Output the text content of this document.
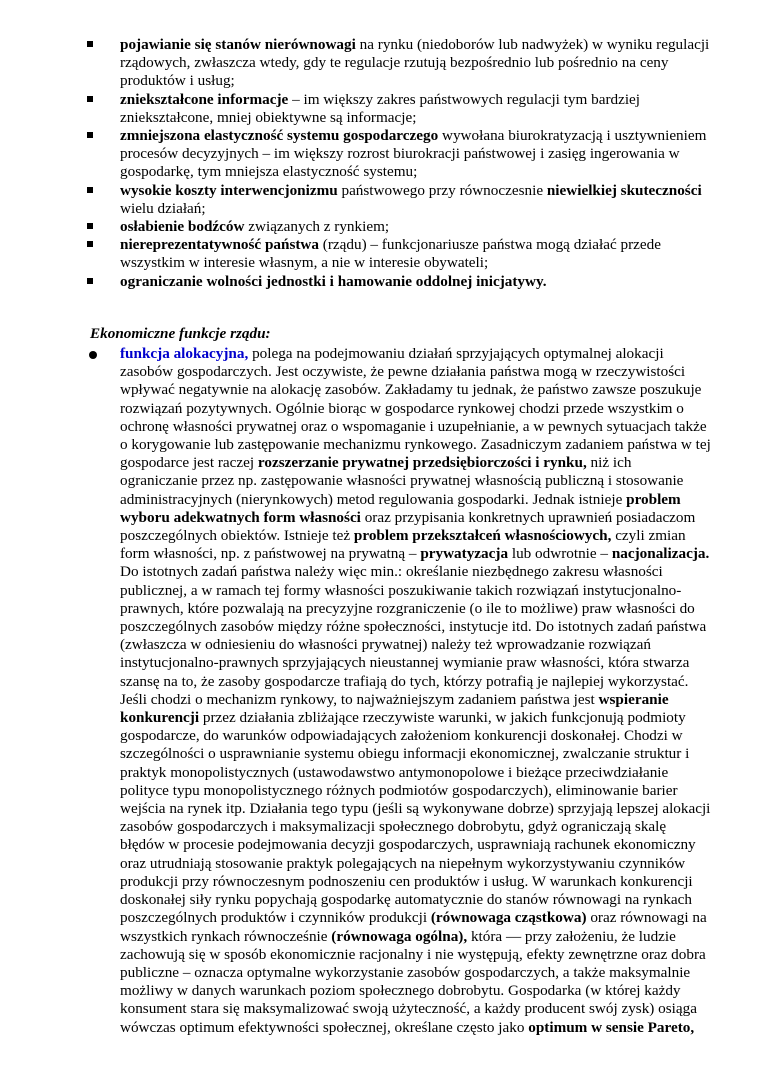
pojawianie się stanów nierównowagi na rynku (niedoborów lub nadwyżek) w wyniku regulacji rządowych, zwłaszcza wtedy, gdy te regulacje rzutują bezpośrednio lub pośrednio na ceny produktów i usług;
zniekształcone informacje – im większy zakres państwowych regulacji tym bardziej zniekształcone, mniej obiektywne są informacje;
zmniejszona elastyczność systemu gospodarczego wywołana biurokratyzacją i usztywnieniem procesów decyzyjnych – im większy rozrost biurokracji państwowej i zasięg ingerowania w gospodarkę, tym mniejsza elastyczność systemu;
wysokie koszty interwencjonizmu państwowego przy równoczesnie niewielkiej skuteczności wielu działań;
osłabienie bodźców związanych z rynkiem;
niereprezentatywność państwa (rządu) – funkcjonariusze państwa mogą działać przede wszystkim w interesie własnym, a nie w interesie obywateli;
ograniczanie wolności jednostki i hamowanie oddolnej inicjatywy.
Ekonomiczne funkcje rządu:

funkcja alokacyjna, polega na podejmowaniu działań sprzyjających optymalnej alokacji zasobów gospodarczych. Jest oczywiste, że pewne działania państwa mogą w rzeczywistości wpływać negatywnie na alokację zasobów. Zakładamy tu jednak, że państwo zawsze poszukuje rozwiązań pozytywnych. Ogólnie biorąc w gospodarce rynkowej chodzi przede wszystkim o ochronę własności prywatnej oraz o wspomaganie i uzupełnianie, a w pewnych sytuacjach także o korygowanie lub zastępowanie mechanizmu rynkowego. Zasadniczym zadaniem państwa w tej gospodarce jest raczej rozszerzanie prywatnej przedsiębiorczości i rynku, niż ich ograniczanie przez np. zastępowanie własności prywatnej własnością publiczną i stosowanie administracyjnych (nierynkowych) metod regulowania gospodarki. Jednak istnieje problem wyboru adekwatnych form własności oraz przypisania konkretnych uprawnień posiadaczom poszczególnych obiektów. Istnieje też problem przekształceń własnościowych, czyli zmian form własności, np. z państwowej na prywatną – prywatyzacja lub odwrotnie – nacjonalizacja. Do istotnych zadań państwa należy więc min.: określanie niezbędnego zakresu własności publicznej, a w ramach tej formy własności poszukiwanie takich rozwiązań instytucjonalno-prawnych, które pozwalają na precyzyjne rozgraniczenie (o ile to możliwe) praw własności do poszczególnych zasobów między różne społeczności, instytucje itd. Do istotnych zadań państwa (zwłaszcza w odniesieniu do własności prywatnej) należy też wprowadzanie rozwiązań instytucjonalno-prawnych sprzyjających nieustannej wymianie praw własności, która stwarza szansę na to, że zasoby gospodarcze trafiają do tych, którzy potrafią je najlepiej wykorzystać. Jeśli chodzi o mechanizm rynkowy, to najważniejszym zadaniem państwa jest wspieranie konkurencji przez działania zbliżające rzeczywiste warunki, w jakich funkcjonują podmioty gospodarcze, do warunków odpowiadających założeniom konkurencji doskonałej. Chodzi w szczególności o usprawnianie systemu obiegu informacji ekonomicznej, zwalczanie struktur i praktyk monopolistycznych (ustawodawstwo antymonopolowe i bieżące przeciwdziałanie polityce typu monopolistycznego różnych podmiotów gospodarczych), eliminowanie barier wejścia na rynek itp. Działania tego typu (jeśli są wykonywane dobrze) sprzyjają lepszej alokacji zasobów gospodarczych i maksymalizacji społecznego dobrobytu, gdyż ograniczają skalę błędów w procesie podejmowania decyzji gospodarczych, usprawniają rachunek ekonomiczny oraz utrudniają stosowanie praktyk polegających na niepełnym wykorzystywaniu czynników produkcji przy równoczesnym podnoszeniu cen produktów i usług. W warunkach konkurencji doskonałej siły rynku popychają gospodarkę automatycznie do stanów równowagi na rynkach poszczególnych produktów i czynników produkcji (równowaga cząstkowa) oraz równowagi na wszystkich rynkach równocześnie (równowaga ogólna), która — przy założeniu, że ludzie zachowują się w sposób ekonomicznie racjonalny i nie występują, efekty zewnętrzne oraz dobra publiczne – oznacza optymalne wykorzystanie zasobów gospodarczych, a także maksymalnie możliwy w danych warunkach poziom społecznego dobrobytu. Gospodarka (w której każdy konsument stara się maksymalizować swoją użyteczność, a każdy producent swój zysk) osiąga wówczas optimum efektywności społecznej, określane często jako optimum w sensie Pareto,
